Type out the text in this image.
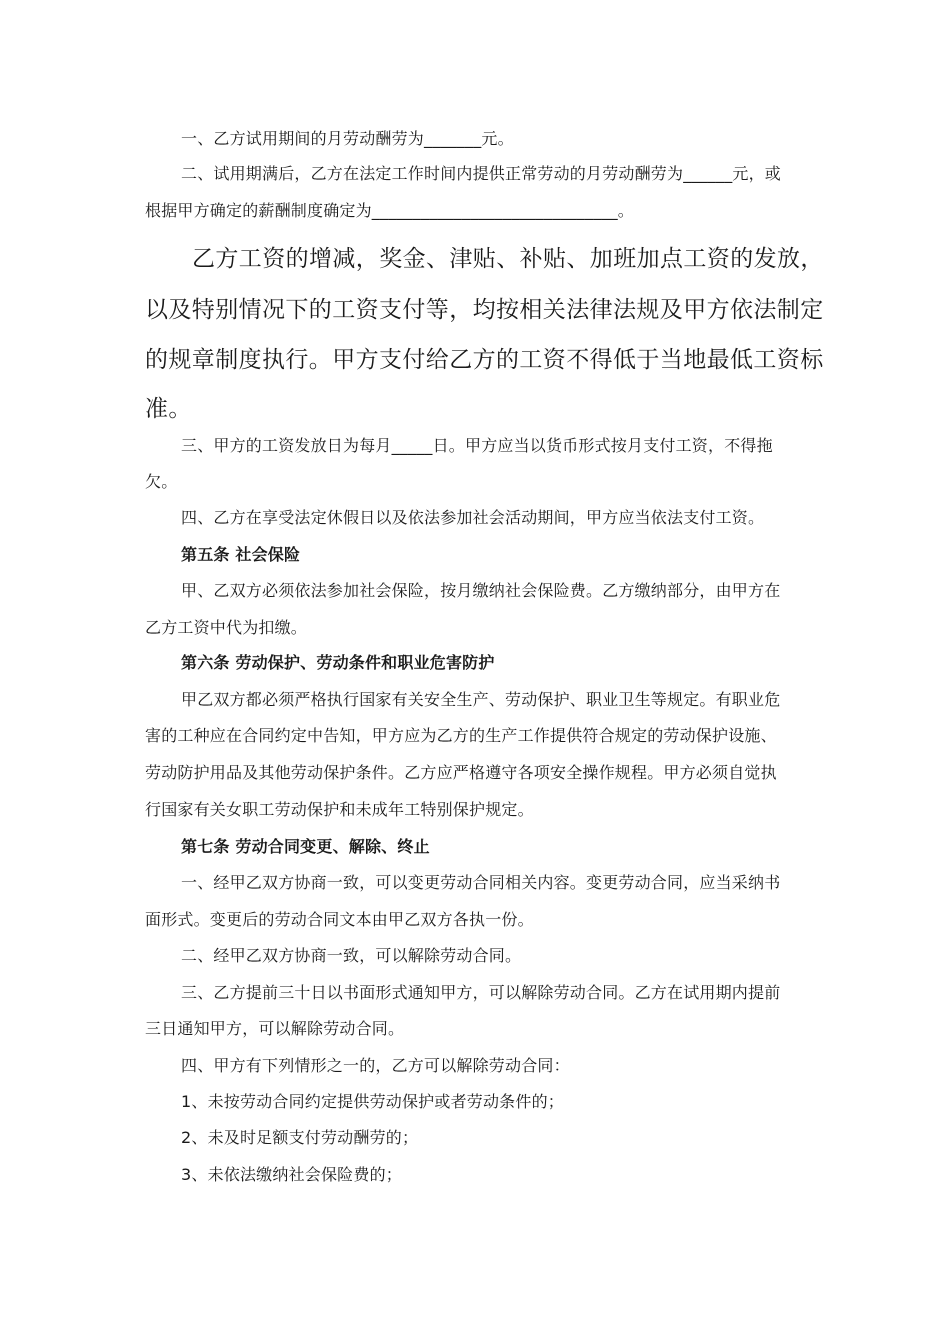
一、乙方试用期间的月劳动酬劳为_______元。
二、试用期满后，乙方在法定工作时间内提供正常劳动的月劳动酬劳为______元，或
根据甲方确定的薪酬制度确定为______________________________。
乙方工资的增减，奖金、津贴、补贴、加班加点工资的发放，
以及特别情况下的工资支付等，均按相关法律法规及甲方依法制定
的规章制度执行。甲方支付给乙方的工资不得低于当地最低工资标
准。
三、甲方的工资发放日为每月_____日。甲方应当以货币形式按月支付工资，不得拖
欠。
四、乙方在享受法定休假日以及依法参加社会活动期间，甲方应当依法支付工资。
第五条 社会保险
甲、乙双方必须依法参加社会保险，按月缴纳社会保险费。乙方缴纳部分，由甲方在
乙方工资中代为扣缴。
第六条 劳动保护、劳动条件和职业危害防护
甲乙双方都必须严格执行国家有关安全生产、劳动保护、职业卫生等规定。有职业危
害的工种应在合同约定中告知，甲方应为乙方的生产工作提供符合规定的劳动保护设施、
劳动防护用品及其他劳动保护条件。乙方应严格遵守各项安全操作规程。甲方必须自觉执
行国家有关女职工劳动保护和未成年工特别保护规定。
第七条 劳动合同变更、解除、终止
一、经甲乙双方协商一致，可以变更劳动合同相关内容。变更劳动合同，应当采纳书
面形式。变更后的劳动合同文本由甲乙双方各执一份。
二、经甲乙双方协商一致，可以解除劳动合同。
三、乙方提前三十日以书面形式通知甲方，可以解除劳动合同。乙方在试用期内提前
三日通知甲方，可以解除劳动合同。
四、甲方有下列情形之一的，乙方可以解除劳动合同：
1、未按劳动合同约定提供劳动保护或者劳动条件的；
2、未及时足额支付劳动酬劳的；
3、未依法缴纳社会保险费的；
